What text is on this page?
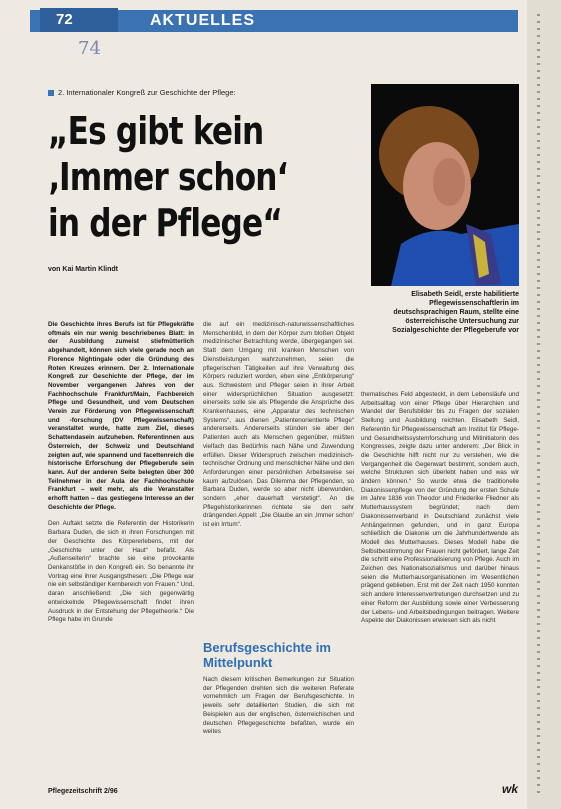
72	AKTUELLES
74
2. Internationaler Kongreß zur Geschichte der Pflege:
„Es gibt kein
‚Immer schon‘
in der Pflege“
von Kai Martin Klindt
Elisabeth Seidl, erste habilitierte Pflegewissenschaftlerin im deutschsprachigen Raum, stellte eine österreichische Untersuchung zur Sozialgeschichte der Pflegeberufe vor
Die Geschichte ihres Berufs ist für Pflegekräfte oftmals ein nur wenig beschriebenes Blatt: in der Ausbildung zumeist stiefmütterlich abgehandelt, können sich viele gerade noch an Florence Nightingale oder die Gründung des Roten Kreuzes erinnern. Der 2. Internationale Kongreß zur Geschichte der Pflege, der im November vergangenen Jahres von der Fachhochschule Frankfurt/Main, Fachbereich Pflege und Gesundheit, und vom Deutschen Verein zur Förderung von Pflegewissenschaft und -forschung (DV Pflegewissenschaft) veranstaltet wurde, hatte zum Ziel, dieses Schattendasein aufzuheben. Referentinnen aus Österreich, der Schweiz und Deutschland zeigten auf, wie spannend und facettenreich die historische Erforschung der Pflegeberufe sein kann. Auf der anderen Seite belegten über 300 Teilnehmer in der Aula der Fachhochschule Frankfurt – weit mehr, als die Veranstalter erhofft hatten – das gestiegene Interesse an der Geschichte der Pflege.
Den Auftakt setzte die Referentin der Historikerin Barbara Duden, die sich in ihren Forschungen mit der Geschichte des Körpererlebens, mit der „Geschichte unter der Haut“ befaßt. Als „Außenseiterin“ brachte sie eine provokante Denkanstöße in den Kongreß ein. So benannte ihr Vortrag eine ihrer Ausgangsthesen: „Die Pflege war nie ein selbständiger Kernbereich von Frauen.“ Und, daran anschließend: „Die sich gegenwärtig entwickelnde Pflegewissenschaft findet ihren Ausdruck in der Entstehung der Pflegetheorie.“ Die Pflege habe im Grunde
die auf ein medizinisch-naturwissenschaftliches Menschenbild, in dem der Körper zum bloßen Objekt medizinischer Betrachtung werde, übergegangen sei. Statt dem Umgang mit kranken Menschen von Dienstleistungen wahrzunehmen, seien die pflegerischen Tätigkeiten auf ihre Verwaltung des Körpers reduziert worden, eben eine „Entkörperung“ aus. Schwestern und Pfleger seien in ihrer Arbeit einer widersprüchlichen Situation ausgesetzt: einerseits solle sie als Pflegende die Ansprüche des Krankenhauses, eine „Apparatur des technischen Systems“, aus dienen „Patientenorientierte Pflege“ andererseits. Andererseits stünden sie aber den Patienten auch als Menschen gegenüber, müßten vielfach das Bedürfnis nach Nähe und Zuwendung erfüllen. Dieser Widerspruch zwischen medizinisch-technischer Ordnung und menschlicher Nähe und den Anforderungen einer persönlichen Arbeitsweise sei kaum aufzulösen. Das Dilemma der Pflegenden, so Barbara Duden, werde so aber nicht überwunden, sondern „eher dauerhaft verstetigt“. An die Pflegehistorikerinnen richtete sie den sehr drängenden Appell: „Die Glaube an ein ‚Immer schon‘ ist ein Irrtum“.
Berufsgeschichte im Mittelpunkt
Nach diesem kritischen Bemerkungen zur Situation der Pflegenden drehten sich die weiteren Referate vornehmlich um Fragen der Berufsgeschichte. In jeweils sehr detaillierten Studien, die sich mit Beispielen aus der englischen, österreichischen und deutschen Pflegegeschichte befaßten, wurde ein weites
thematisches Feld abgesteckt, in dem Lebensläufe und Arbeitsalltag von einer Pflege über Hierarchien und Wandel der Berufsbilder bis zu Fragen der sozialen Stellung und Ausbildung reichten. Elisabeth Seidl, Referentin für Pflegewissenschaft am Institut für Pflege- und Gesundheitssystemforschung und Mitinitiatorin des Kongresses, zeigte dazu unter anderem: „Der Blick in die Geschichte hilft nicht nur zu verstehen, wie die Vergangenheit die Gegenwart bestimmt, sondern auch, welche Strukturen sich überlebt haben und was wir ändern können.“ So wurde etwa die traditionelle Diakonissenpflege von der Gründung der ersten Schule im Jahre 1836 von Theodor und Friederike Fliedner als Mutterhaussystem begründet; nach dem Diakonissenverband in Deutschland zunächst viele Anhängerinnen gefunden, und in ganz Europa schließlich die Diakonie um die Jahrhundertwende als Modell des Mutterhauses. Dieses Modell habe die Selbstbestimmung der Frauen nicht gefördert, lange Zeit die schritt eine Professionalisierung von Pflege. Auch im Zeichen des Nationalsozialismus und darüber hinaus seien die Mutterhausorganisationen im Wesentlichen prägend geblieben. Erst mit der Zeit nach 1950 konnten sich andere Interessenvertretungen durchsetzen und zu einer Reform der Ausbildung sowie einer Verbesserung der Lebens- und Arbeitsbedingungen beitragen. Weitere Aspekte der Diakonissen erwiesen sich als nicht
Pflegezeitschrift 2/96	wk
